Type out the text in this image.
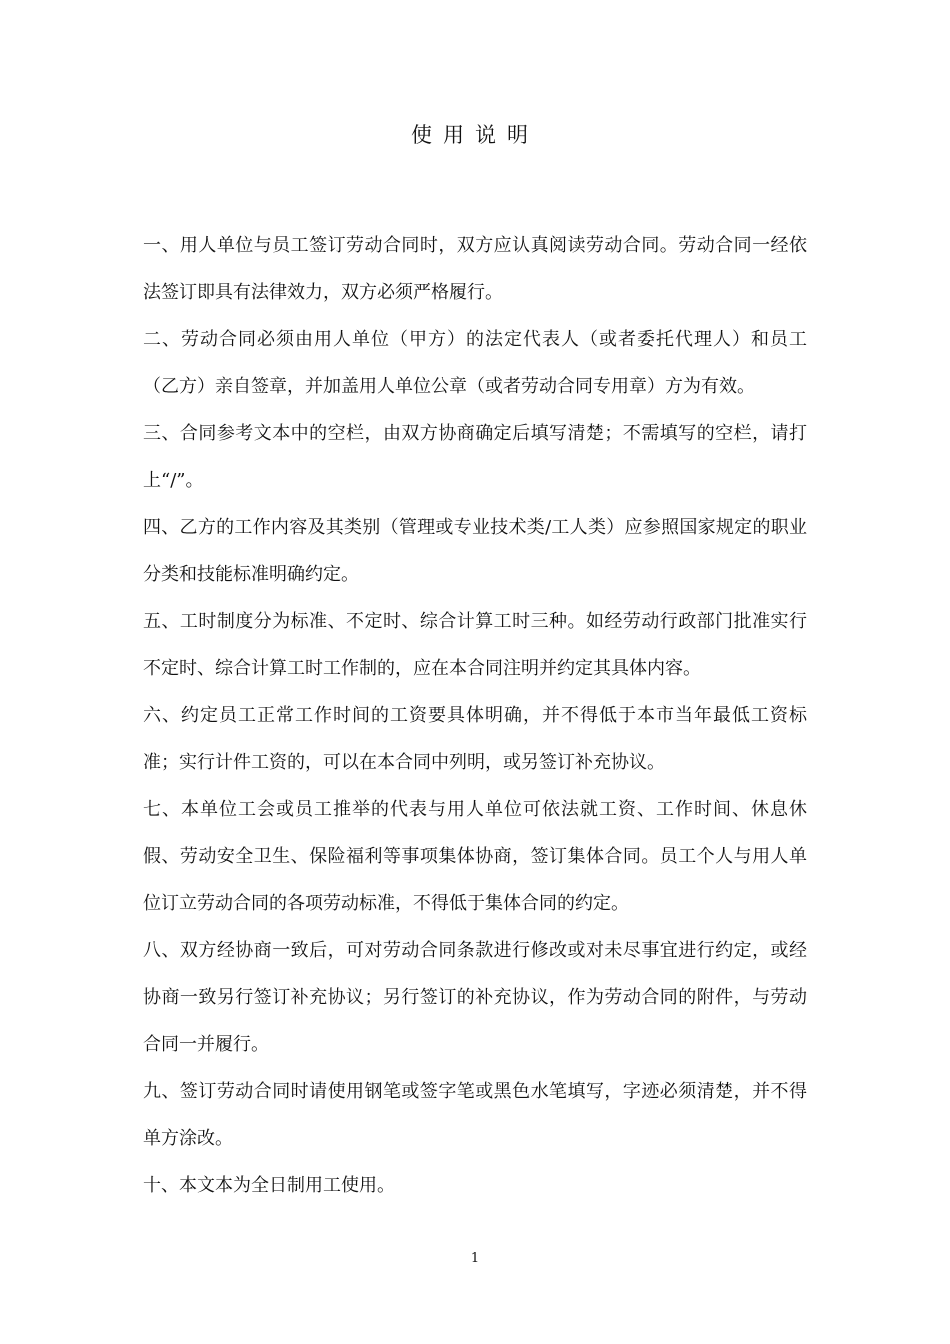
使用说明

一、用人单位与员工签订劳动合同时，双方应认真阅读劳动合同。劳动合同一经依法签订即具有法律效力，双方必须严格履行。

二、劳动合同必须由用人单位（甲方）的法定代表人（或者委托代理人）和员工（乙方）亲自签章，并加盖用人单位公章（或者劳动合同专用章）方为有效。

三、合同参考文本中的空栏，由双方协商确定后填写清楚；不需填写的空栏，请打上“/”。

四、乙方的工作内容及其类别（管理或专业技术类/工人类）应参照国家规定的职业分类和技能标准明确约定。

五、工时制度分为标准、不定时、综合计算工时三种。如经劳动行政部门批准实行不定时、综合计算工时工作制的，应在本合同注明并约定其具体内容。

六、约定员工正常工作时间的工资要具体明确，并不得低于本市当年最低工资标准；实行计件工资的，可以在本合同中列明，或另签订补充协议。

七、本单位工会或员工推举的代表与用人单位可依法就工资、工作时间、休息休假、劳动安全卫生、保险福利等事项集体协商，签订集体合同。员工个人与用人单位订立劳动合同的各项劳动标准，不得低于集体合同的约定。

八、双方经协商一致后，可对劳动合同条款进行修改或对未尽事宜进行约定，或经协商一致另行签订补充协议；另行签订的补充协议，作为劳动合同的附件，与劳动合同一并履行。

九、签订劳动合同时请使用钢笔或签字笔或黑色水笔填写，字迹必须清楚，并不得单方涂改。

十、本文本为全日制用工使用。

1
